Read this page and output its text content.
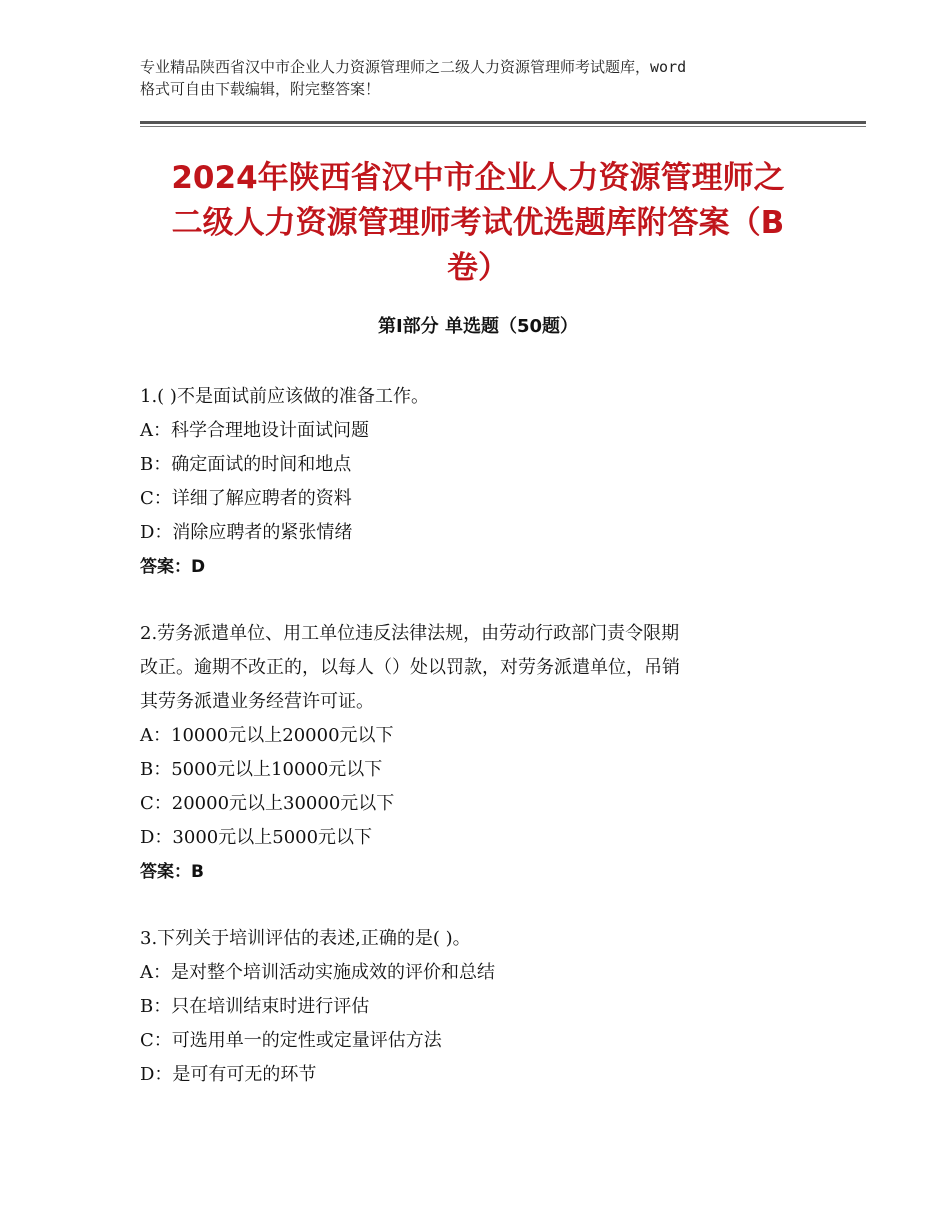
专业精品陕西省汉中市企业人力资源管理师之二级人力资源管理师考试题库，word
格式可自由下载编辑，附完整答案！
2024年陕西省汉中市企业人力资源管理师之
二级人力资源管理师考试优选题库附答案（B
卷）
第Ⅰ部分 单选题（50题）
1.( )不是面试前应该做的准备工作。
A：科学合理地设计面试问题
B：确定面试的时间和地点
C：详细了解应聘者的资料
D：消除应聘者的紧张情绪
答案：D
2.劳务派遣单位、用工单位违反法律法规，由劳动行政部门责令限期
改正。逾期不改正的，以每人（）处以罚款，对劳务派遣单位，吊销
其劳务派遣业务经营许可证。
A：10000元以上20000元以下
B：5000元以上10000元以下
C：20000元以上30000元以下
D：3000元以上5000元以下
答案：B
3.下列关于培训评估的表述,正确的是( )。
A：是对整个培训活动实施成效的评价和总结
B：只在培训结束时进行评估
C：可选用单一的定性或定量评估方法
D：是可有可无的环节
